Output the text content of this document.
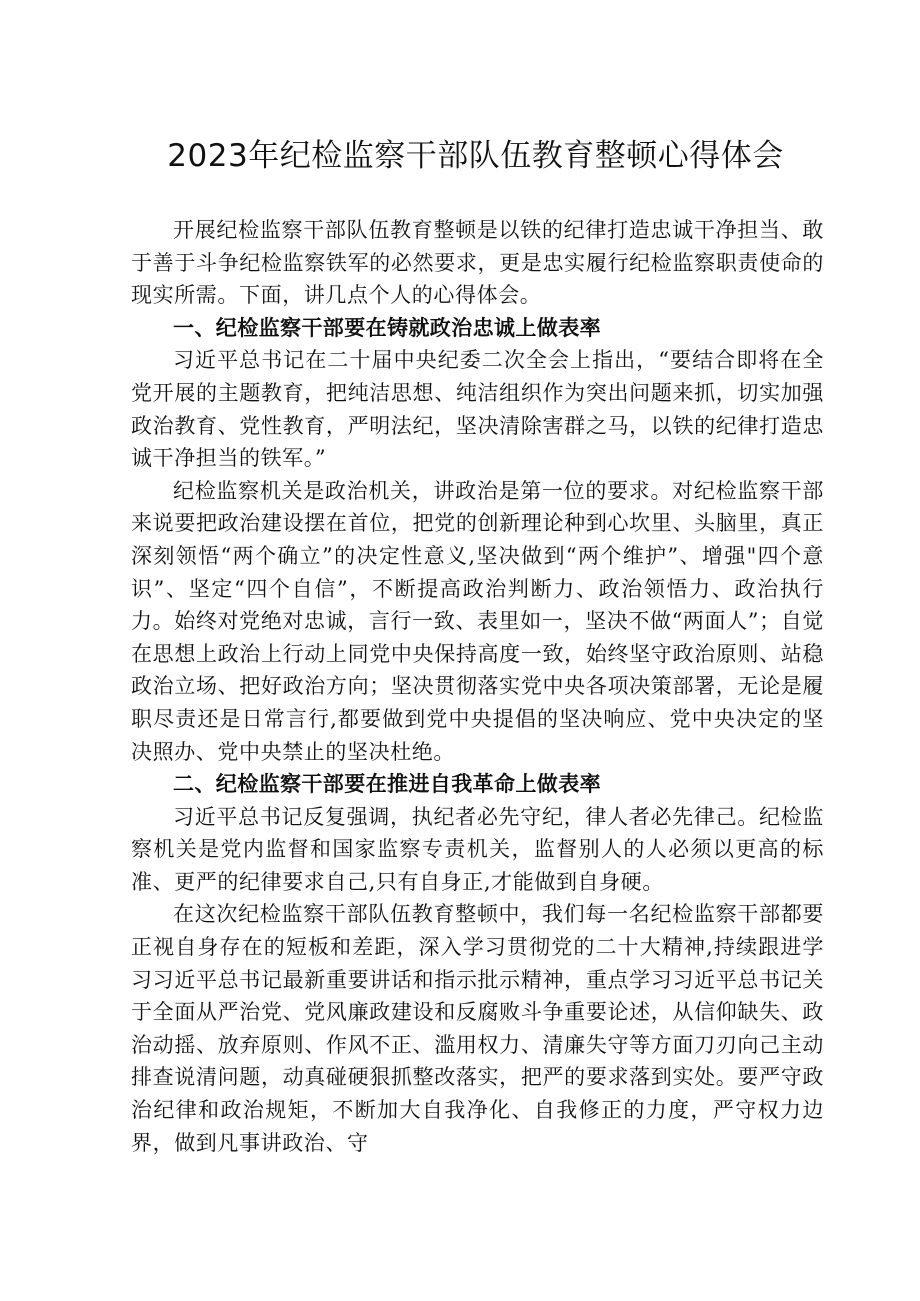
2023年纪检监察干部队伍教育整顿心得体会

开展纪检监察干部队伍教育整顿是以铁的纪律打造忠诚干净担当、敢于善于斗争纪检监察铁军的必然要求，更是忠实履行纪检监察职责使命的现实所需。下面，讲几点个人的心得体会。

一、纪检监察干部要在铸就政治忠诚上做表率

习近平总书记在二十届中央纪委二次全会上指出，“要结合即将在全党开展的主题教育，把纯洁思想、纯洁组织作为突出问题来抓，切实加强政治教育、党性教育，严明法纪，坚决清除害群之马，以铁的纪律打造忠诚干净担当的铁军。”

纪检监察机关是政治机关，讲政治是第一位的要求。对纪检监察干部来说要把政治建设摆在首位，把党的创新理论种到心坎里、头脑里，真正深刻领悟“两个确立”的决定性意义,坚决做到“两个维护”、增强"四个意识”、坚定“四个自信”，不断提高政治判断力、政治领悟力、政治执行力。始终对党绝对忠诚，言行一致、表里如一，坚决不做“两面人”；自觉在思想上政治上行动上同党中央保持高度一致，始终坚守政治原则、站稳政治立场、把好政治方向；坚决贯彻落实党中央各项决策部署，无论是履职尽责还是日常言行,都要做到党中央提倡的坚决响应、党中央决定的坚决照办、党中央禁止的坚决杜绝。

二、纪检监察干部要在推进自我革命上做表率

习近平总书记反复强调，执纪者必先守纪，律人者必先律己。纪检监察机关是党内监督和国家监察专责机关，监督别人的人必须以更高的标准、更严的纪律要求自己,只有自身正,才能做到自身硬。

在这次纪检监察干部队伍教育整顿中，我们每一名纪检监察干部都要正视自身存在的短板和差距，深入学习贯彻党的二十大精神,持续跟进学习习近平总书记最新重要讲话和指示批示精神，重点学习习近平总书记关于全面从严治党、党风廉政建设和反腐败斗争重要论述，从信仰缺失、政治动摇、放弃原则、作风不正、滥用权力、清廉失守等方面刀刃向己主动排查说清问题，动真碰硬狠抓整改落实，把严的要求落到实处。要严守政治纪律和政治规矩，不断加大自我净化、自我修正的力度，严守权力边界，做到凡事讲政治、守
